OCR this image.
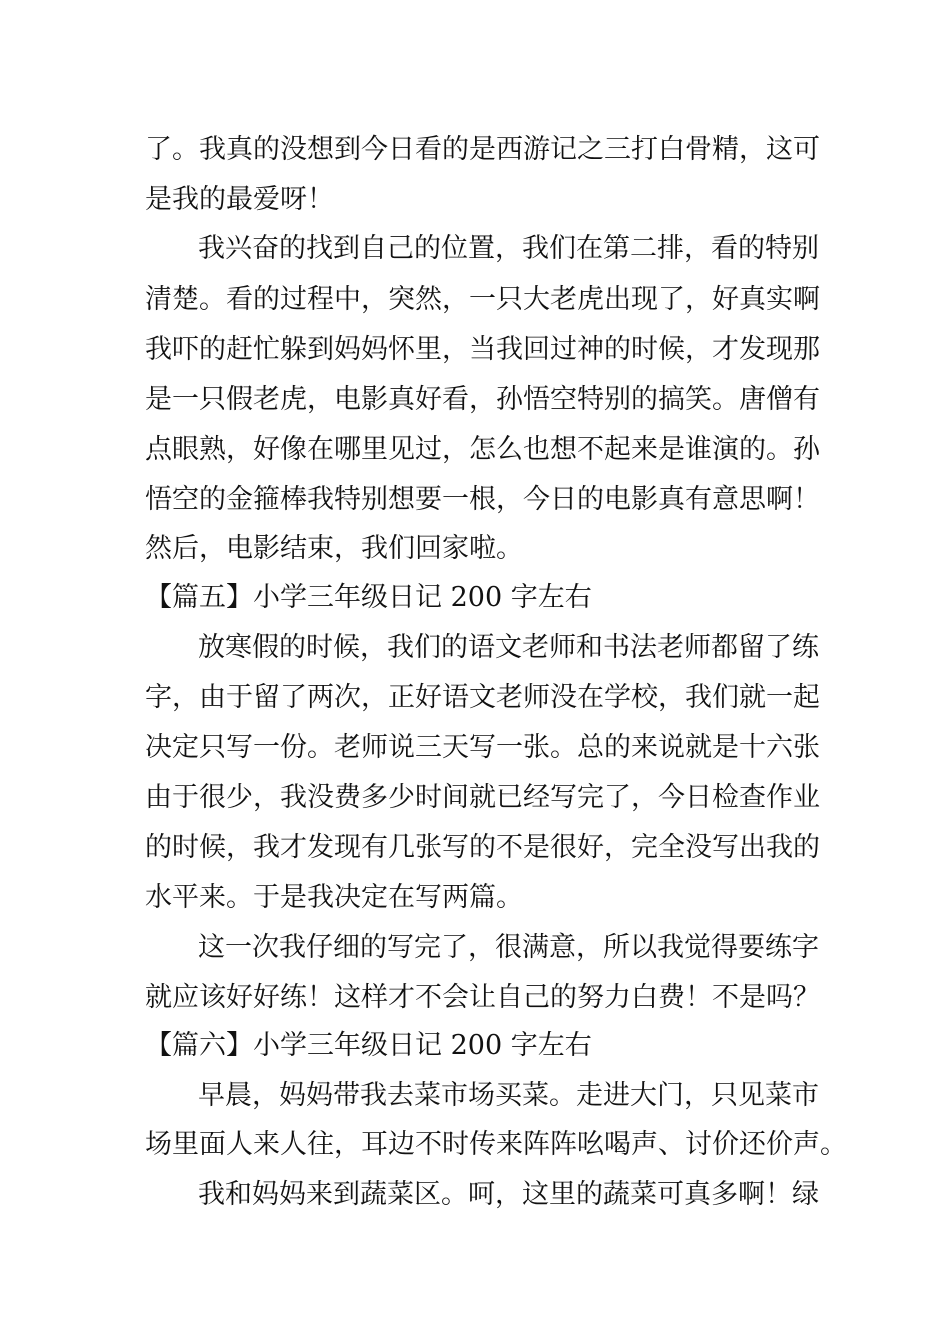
了。我真的没想到今日看的是西游记之三打白骨精，这可
是我的最爱呀！
我兴奋的找到自己的位置，我们在第二排，看的特别
清楚。看的过程中，突然，一只大老虎出现了，好真实啊
我吓的赶忙躲到妈妈怀里，当我回过神的时候，才发现那
是一只假老虎，电影真好看，孙悟空特别的搞笑。唐僧有
点眼熟，好像在哪里见过，怎么也想不起来是谁演的。孙
悟空的金箍棒我特别想要一根，今日的电影真有意思啊！
然后，电影结束，我们回家啦。
【篇五】小学三年级日记 200 字左右
放寒假的时候，我们的语文老师和书法老师都留了练
字，由于留了两次，正好语文老师没在学校，我们就一起
决定只写一份。老师说三天写一张。总的来说就是十六张
由于很少，我没费多少时间就已经写完了，今日检查作业
的时候，我才发现有几张写的不是很好，完全没写出我的
水平来。于是我决定在写两篇。
这一次我仔细的写完了，很满意，所以我觉得要练字
就应该好好练！这样才不会让自己的努力白费！不是吗？
【篇六】小学三年级日记 200 字左右
早晨，妈妈带我去菜市场买菜。走进大门，只见菜市
场里面人来人往，耳边不时传来阵阵吆喝声、讨价还价声。
我和妈妈来到蔬菜区。呵，这里的蔬菜可真多啊！绿
